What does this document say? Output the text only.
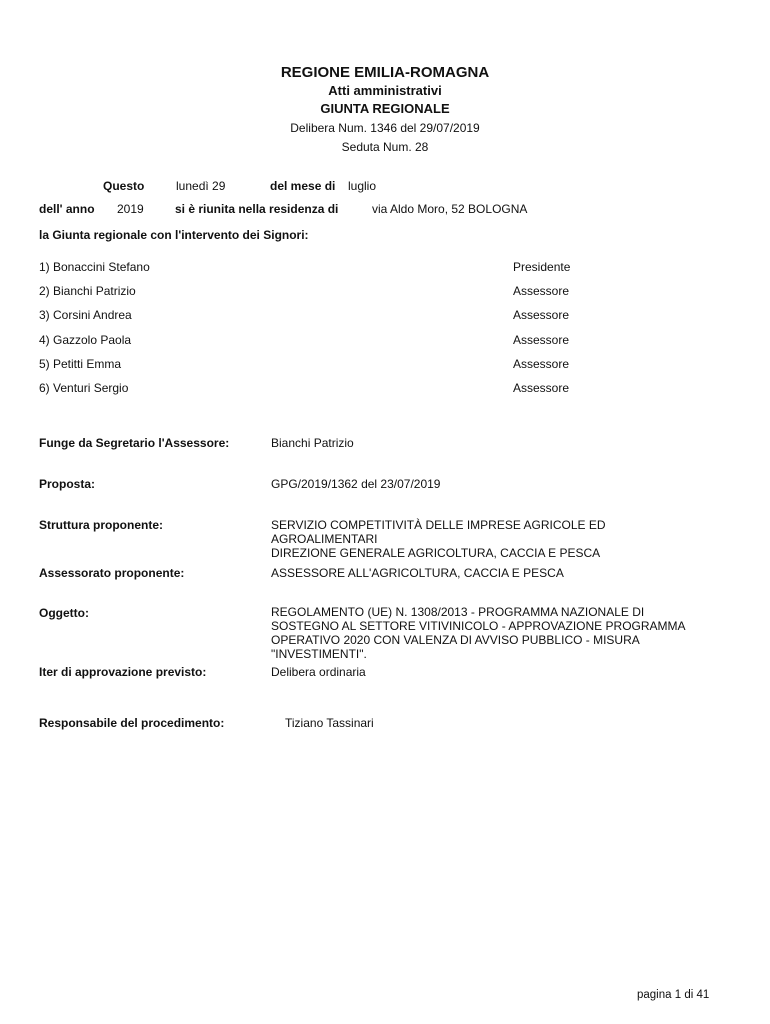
REGIONE EMILIA-ROMAGNA
Atti amministrativi
GIUNTA REGIONALE
Delibera Num. 1346 del 29/07/2019
Seduta Num. 28
Questo	lunedì 29	del mese di luglio
dell' anno 2019	si è riunita nella residenza di	via Aldo Moro, 52 BOLOGNA
la Giunta regionale con l'intervento dei Signori:
1) Bonaccini Stefano	Presidente
2) Bianchi Patrizio	Assessore
3) Corsini Andrea	Assessore
4) Gazzolo Paola	Assessore
5) Petitti Emma	Assessore
6) Venturi Sergio	Assessore
Funge da Segretario l'Assessore:	Bianchi Patrizio
Proposta:	GPG/2019/1362 del 23/07/2019
Struttura proponente:	SERVIZIO COMPETITIVITÀ DELLE IMPRESE AGRICOLE ED
AGROALIMENTARI
DIREZIONE GENERALE AGRICOLTURA, CACCIA E PESCA
Assessorato proponente:	ASSESSORE ALL'AGRICOLTURA, CACCIA E PESCA
Oggetto:	REGOLAMENTO (UE) N. 1308/2013 - PROGRAMMA NAZIONALE DI
SOSTEGNO AL SETTORE VITIVINICOLO - APPROVAZIONE PROGRAMMA
OPERATIVO 2020 CON VALENZA DI AVVISO PUBBLICO - MISURA
"INVESTIMENTI".
Iter di approvazione previsto:	Delibera ordinaria
Responsabile del procedimento:	Tiziano Tassinari
pagina 1 di 41
